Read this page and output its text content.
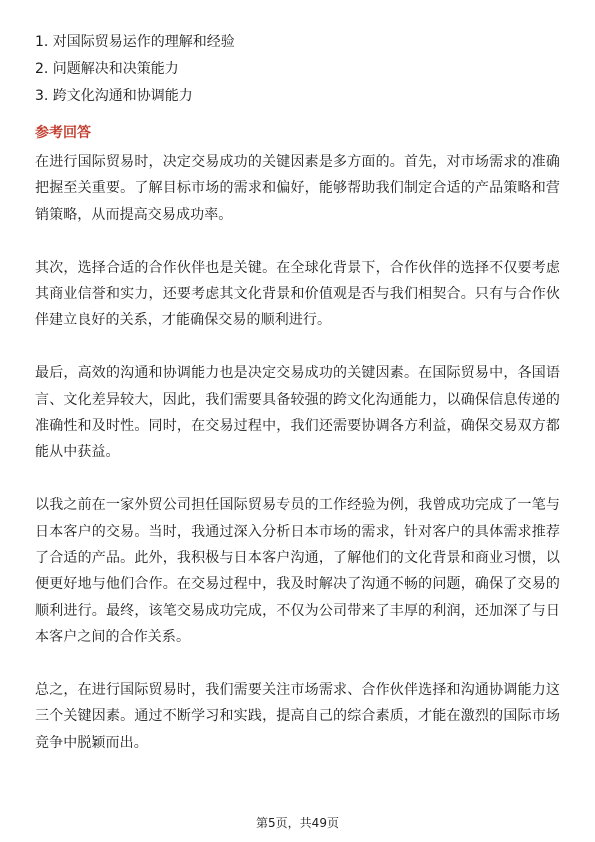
1. 对国际贸易运作的理解和经验
2. 问题解决和决策能力
3. 跨文化沟通和协调能力
参考回答

在进行国际贸易时，决定交易成功的关键因素是多方面的。首先，对市场需求的准确把握至关重要。了解目标市场的需求和偏好，能够帮助我们制定合适的产品策略和营销策略，从而提高交易成功率。

其次，选择合适的合作伙伴也是关键。在全球化背景下，合作伙伴的选择不仅要考虑其商业信誉和实力，还要考虑其文化背景和价值观是否与我们相契合。只有与合作伙伴建立良好的关系，才能确保交易的顺利进行。

最后，高效的沟通和协调能力也是决定交易成功的关键因素。在国际贸易中，各国语言、文化差异较大，因此，我们需要具备较强的跨文化沟通能力，以确保信息传递的准确性和及时性。同时，在交易过程中，我们还需要协调各方利益，确保交易双方都能从中获益。

以我之前在一家外贸公司担任国际贸易专员的工作经验为例，我曾成功完成了一笔与日本客户的交易。当时，我通过深入分析日本市场的需求，针对客户的具体需求推荐了合适的产品。此外，我积极与日本客户沟通，了解他们的文化背景和商业习惯，以便更好地与他们合作。在交易过程中，我及时解决了沟通不畅的问题，确保了交易的顺利进行。最终，该笔交易成功完成，不仅为公司带来了丰厚的利润，还加深了与日本客户之间的合作关系。

总之，在进行国际贸易时，我们需要关注市场需求、合作伙伴选择和沟通协调能力这三个关键因素。通过不断学习和实践，提高自己的综合素质，才能在激烈的国际市场竞争中脱颖而出。

第5页，共49页
